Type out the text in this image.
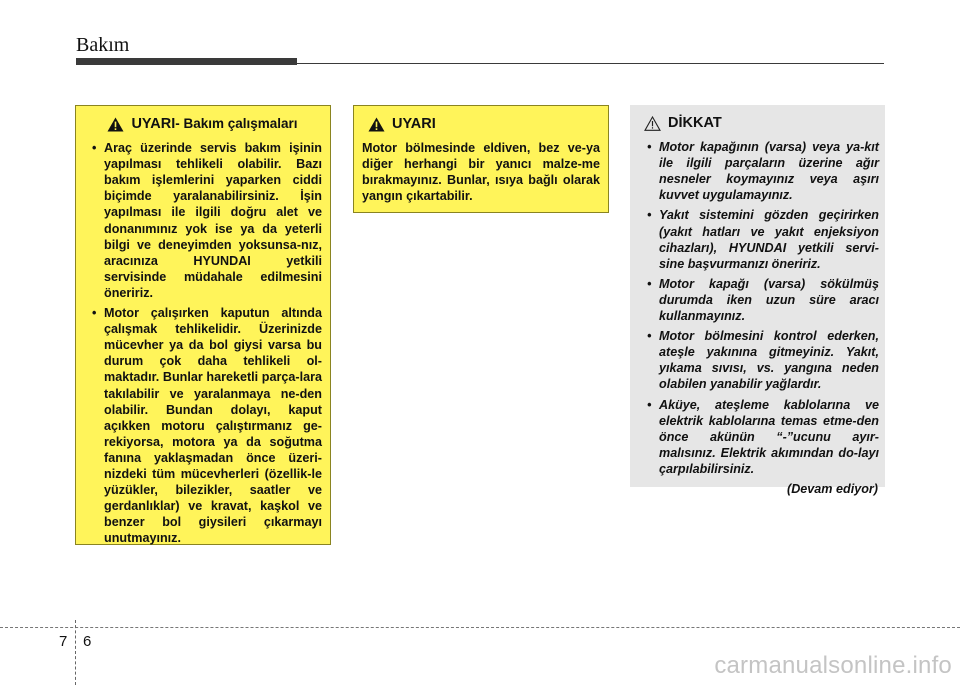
Bakım
UYARI - Bakım çalışmaları
• Araç üzerinde servis bakım işinin yapılması tehlikeli olabilir. Bazı bakım işlemlerini yaparken ciddi biçimde yaralanabilirsiniz. İşin yapılması ile ilgili doğru alet ve donanımınız yok ise ya da yeterli bilgi ve deneyimden yoksunsa-nız, aracınıza HYUNDAI yetkili servisinde müdahale edilmesini öneririz.
• Motor çalışırken kaputun altında çalışmak tehlikelidir. Üzerinizde mücevher ya da bol giysi varsa bu durum çok daha tehlikeli ol-maktadır. Bunlar hareketli parça-lara takılabilir ve yaralanmaya ne-den olabilir. Bundan dolayı, kaput açıkken motoru çalıştırmanız ge-rekiyorsa, motora ya da soğutma fanına yaklaşmadan önce üzeri-nizdeki tüm mücevherleri (özellik-le yüzükler, bilezikler, saatler ve gerdanlıklar) ve kravat, kaşkol ve benzer bol giysileri çıkarmayı unutmayınız.
UYARI
Motor bölmesinde eldiven, bez ve-ya diğer herhangi bir yanıcı malze-me bırakmayınız. Bunlar, ısıya bağlı olarak yangın çıkartabilir.
DİKKAT
• Motor kapağının (varsa) veya ya-kıt ile ilgili parçaların üzerine ağır nesneler koymayınız veya aşırı kuvvet uygulamayınız.
• Yakıt sistemini gözden geçirirken (yakıt hatları ve yakıt enjeksiyon cihazları), HYUNDAI yetkili servi-sine başvurmanızı öneririz.
• Motor kapağı (varsa) sökülmüş durumda iken uzun süre aracı kullanmayınız.
• Motor bölmesini kontrol ederken, ateşle yakınına gitmeyiniz. Yakıt, yıkama sıvısı, vs. yangına neden olabilen yanabilir yağlardır.
• Aküye, ateşleme kablolarına ve elektrik kablolarına temas etme-den önce akünün “-”ucunu ayır-malısınız. Elektrik akımından do-layı çarpılabilirsiniz.
(Devam ediyor)
7 6
carmanualsonline.info
